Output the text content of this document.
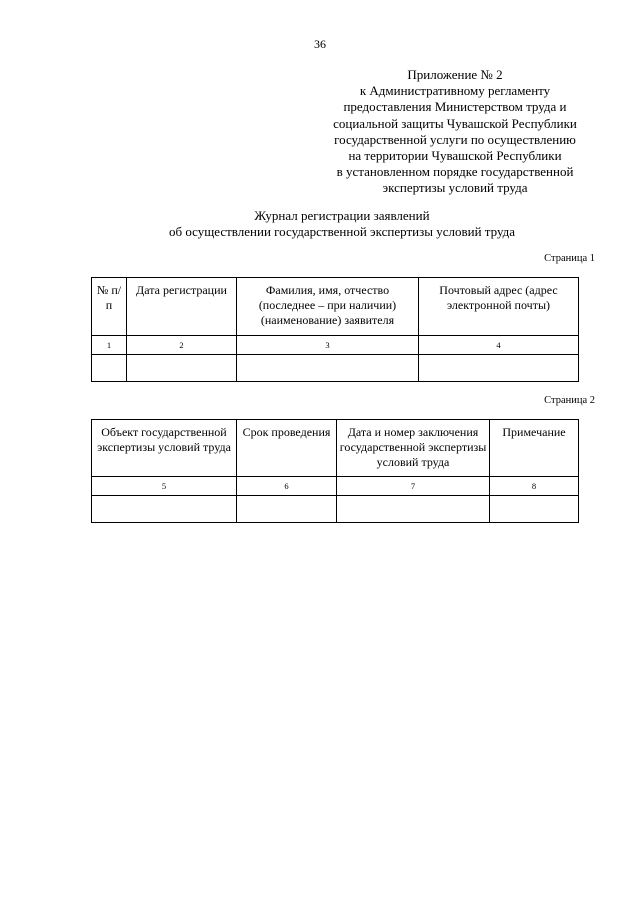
36
Приложение № 2
к Административному регламенту
предоставления Министерством труда и
социальной защиты Чувашской Республики
государственной услуги по осуществлению
на территории Чувашской Республики
в установленном порядке государственной
экспертизы условий труда
Журнал регистрации заявлений
об осуществлении государственной экспертизы условий труда
Страница 1
№ п/п	Дата регистрации	Фамилия, имя, отчество (последнее – при наличии) (наименование) заявителя	Почтовый адрес (адрес электронной почты)
1	2	3	4

Страница 2
Объект государственной экспертизы условий труда	Срок проведения	Дата и номер заключения государственной экспертизы условий труда	Примечание
5	6	7	8
